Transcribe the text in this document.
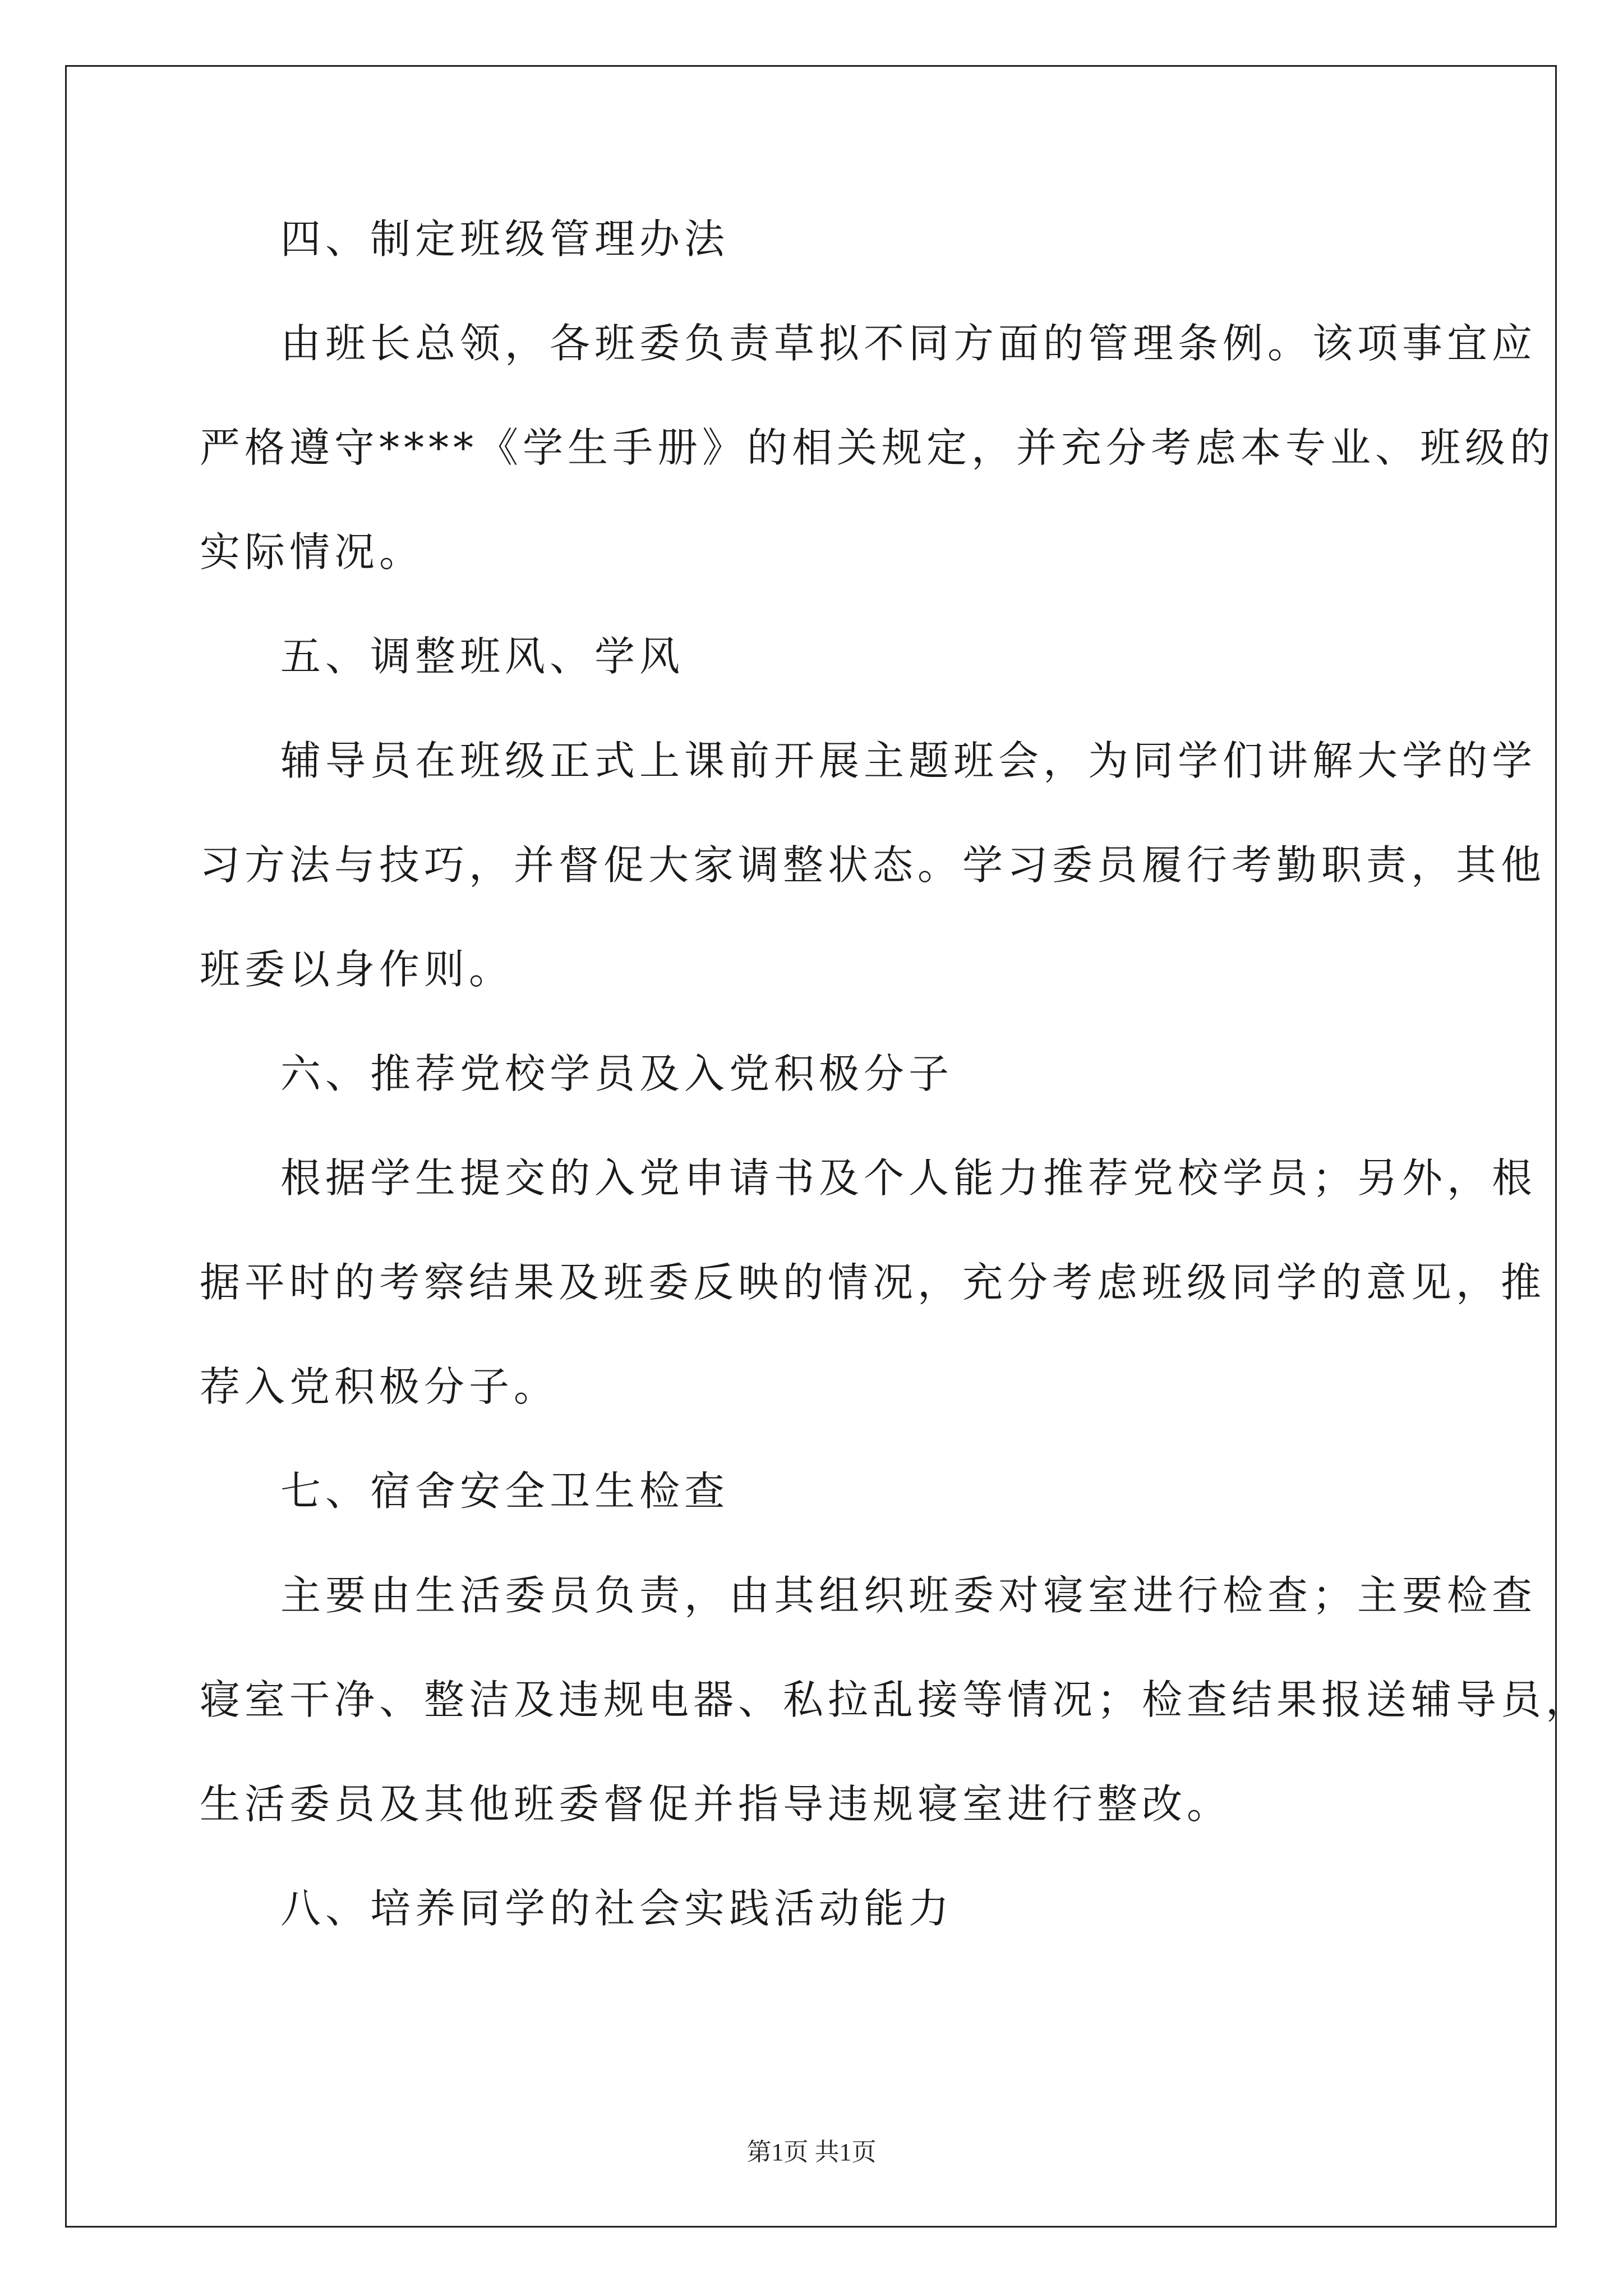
四、制定班级管理办法
由班长总领，各班委负责草拟不同方面的管理条例。该项事宜应
严格遵守****《学生手册》的相关规定，并充分考虑本专业、班级的
实际情况。
五、调整班风、学风
辅导员在班级正式上课前开展主题班会，为同学们讲解大学的学
习方法与技巧，并督促大家调整状态。学习委员履行考勤职责，其他
班委以身作则。
六、推荐党校学员及入党积极分子
根据学生提交的入党申请书及个人能力推荐党校学员；另外，根
据平时的考察结果及班委反映的情况，充分考虑班级同学的意见，推
荐入党积极分子。
七、宿舍安全卫生检查
主要由生活委员负责，由其组织班委对寝室进行检查；主要检查
寝室干净、整洁及违规电器、私拉乱接等情况；检查结果报送辅导员，
生活委员及其他班委督促并指导违规寝室进行整改。
八、培养同学的社会实践活动能力
第1页 共1页
